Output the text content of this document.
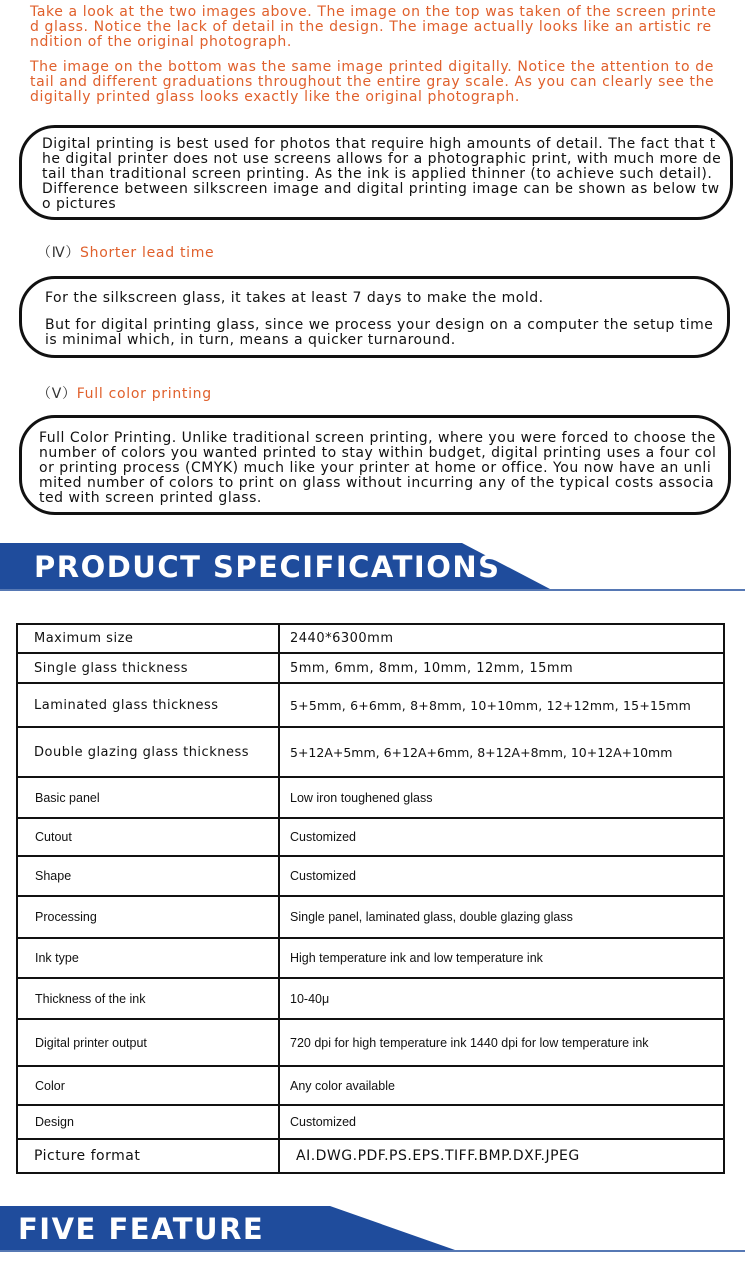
Take a look at the two images above. The image on the top was taken of the screen printed glass. Notice the lack of detail in the design. The image actually looks like an artistic rendition of the original photograph.
The image on the bottom was the same image printed digitally. Notice the attention to detail and different graduations throughout the entire gray scale. As you can clearly see the digitally printed glass looks exactly like the original photograph.

Digital printing is best used for photos that require high amounts of detail. The fact that the digital printer does not use screens allows for a photographic print, with much more detail than traditional screen printing. As the ink is applied thinner (to achieve such detail). Difference between silkscreen image and digital printing image can be shown as below two pictures

（Ⅳ）Shorter lead time

For the silkscreen glass, it takes at least 7 days to make the mold.

But for digital printing glass, since we process your design on a computer the setup time is minimal which, in turn, means a quicker turnaround.

（Ⅴ）Full color printing

Full Color Printing. Unlike traditional screen printing, where you were forced to choose the number of colors you wanted printed to stay within budget, digital printing uses a four color printing process (CMYK) much like your printer at home or office. You now have an unlimited number of colors to print on glass without incurring any of the typical costs associated with screen printed glass.

PRODUCT SPECIFICATIONS
Maximum size	2440*6300mm
Single glass thickness	5mm, 6mm, 8mm, 10mm, 12mm, 15mm
Laminated glass thickness	5+5mm, 6+6mm, 8+8mm, 10+10mm, 12+12mm, 15+15mm
Double glazing glass thickness	5+12A+5mm, 6+12A+6mm, 8+12A+8mm, 10+12A+10mm
Basic panel	Low iron toughened glass
Cutout	Customized
Shape	Customized
Processing	Single panel, laminated glass, double glazing glass
Ink type	High temperature ink and low temperature ink
Thickness of the ink	10-40μ
Digital printer output	720 dpi for high temperature ink 1440 dpi for low temperature ink
Color	Any color available
Design	Customized
Picture format	AI.DWG.PDF.PS.EPS.TIFF.BMP.DXF.JPEG
FIVE FEATURE
